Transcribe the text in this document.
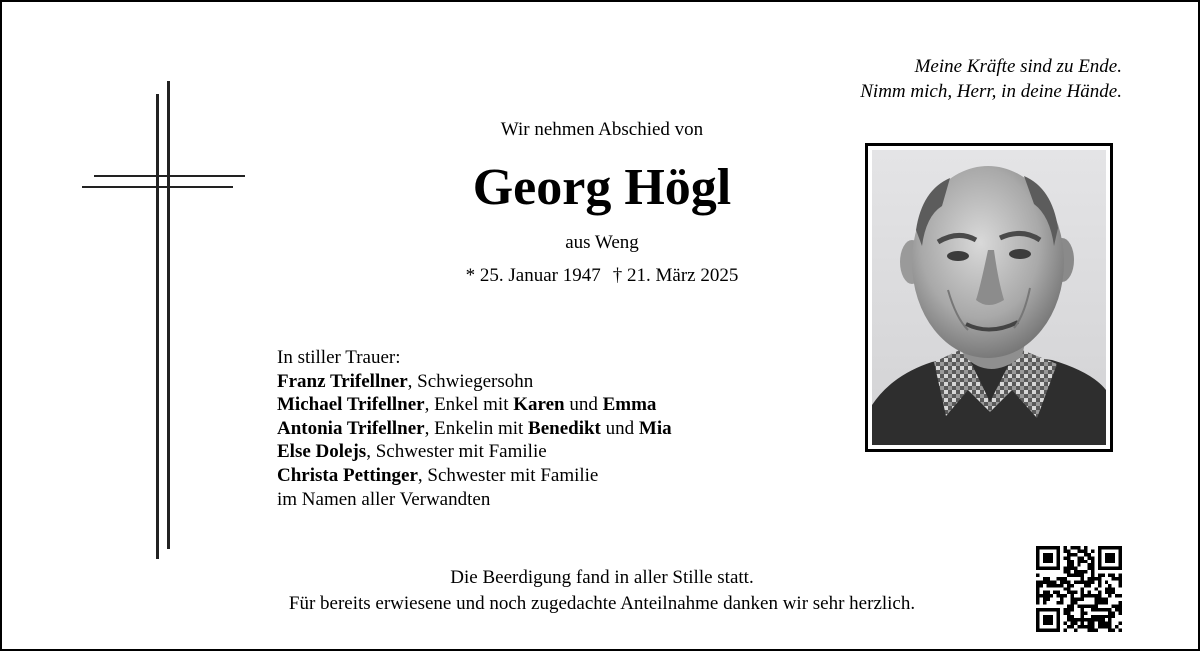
Meine Kräfte sind zu Ende.
Nimm mich, Herr, in deine Hände.
Wir nehmen Abschied von
Georg Högl
aus Weng
* 25. Januar 1947 † 21. März 2025
In stiller Trauer:
Franz Trifellner, Schwiegersohn
Michael Trifellner, Enkel mit Karen und Emma
Antonia Trifellner, Enkelin mit Benedikt und Mia
Else Dolejs, Schwester mit Familie
Christa Pettinger, Schwester mit Familie
im Namen aller Verwandten
Die Beerdigung fand in aller Stille statt.
Für bereits erwiesene und noch zugedachte Anteilnahme danken wir sehr herzlich.
